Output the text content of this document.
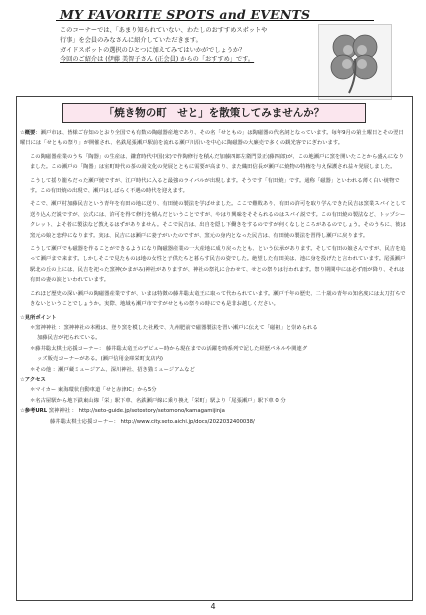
MY FAVORITE SPOTS and EVENTS
このコーナーでは、「あまり知られていない、わたしのおすすめスポットや
行事」を会員のみなさんに紹介していただきます。
ガイドスポットの選択のひとつに加えてみてはいかがでしょうか？
今回のご紹介は (伊藤 美智子さん (正会員) からの「おすすめ」です。
「焼き物の町　せと」を散策してみませんか？

☆概要：瀬戸市は、皆様ご存知のとおり全国でも有数の陶磁器産地であり、その名「せともの」は陶磁器の代名詞となっています。毎年9月の第土曜日とその翌日曜日には「せともの祭り」が開催され、名鉄尾張瀬戸駅前を流れる瀬戸川沿いを中心に陶磁器の大廉売で多くの観光客でにぎわいます。

この陶磁器産業のうち「陶器」の生産は、鎌倉時代中国(宋)で作陶修行を積んだ加藤四郎左衛門景正(藤四郎)が、この地瀬戸に窯を開いたことから盛んになりました。この瀬戸の「陶器」は室町時代の茶の湯文化の発展とともに需要が高まり、また織田信長が瀬戸に焼物の特権を与え保護され益々発展しました。

こうして揺り籠ちだった瀬戸焼ですが、江戸時代に入ると最強のライバルが出現します。そうです「有田焼」です。通称「磁器」といわれる薄く白い焼物です。この有田焼の出現で、瀬戸はしばらく不遇の時代を迎えます。

そこで、瀬戸村加藤民吉という青年を有田の地に送り、有田焼の製法を学ばせました。ここで難敗あり、有田の許可を取り学んできた民吉は窯業スパイとして送り込んだ説ですが、公式には、許可を得て修行を積んだということですが、やはり興味をそそられるのはスパイ説です。この有田焼の製法など、トップシークレット、よそ者に製法など教えるはずがありません。そこで民吉は、出自を隠し下働きをするのですが何くなしところがあるのでしょう。そのうちに、彼は窯元の娘と恋仲になります。実は、民吉には瀬戸に妻子がいたのですが、窯元の身内となった民吉は、有田焼の製法を習得し瀬戸に戻ります。

こうして瀬戸でも磁器を作ることができるようになり陶磁器産業の一大産地に成り戻ったとも、という伝承があります。そして有田の娘さんですが、民吉を追って瀬戸まで来ます。しかしそこで見たものは地の女性と子供たちと暮らす民吉の姿でした。絶望した有田美は、池に身を投げたと言われています。尾張瀬戸駅北の丘の上には、民吉を祀った窯神(かまがみ)神社がありますが、神社の祭礼に合わせて、せとの祭りは行われます。祭り期間中には必ず雨が降り、それは有田の妻の涙といわれています。

これほど歴史の深い瀬戸の陶磁器産業ですが、いまは特徴の藤井聡太竜王に取って代わられています。瀬戸千年の歴史、二十歳の青年の知名度には太刀打ちできないということでしょうか。実際、地域も瀬戸市ですがせともの祭りの時にでも是非お越しください。

☆見所ポイント
＊窯神神社 ：窯神神社の本殿は、登り窯を模した社殿で、九州肥前で磁器製法を習い瀬戸に伝えて「磁祖」と崇められる
加藤民吉が祀られている。
＊藤井聡太棋士応援コーナー： 藤井聡太竜王のデビュー時から現在までの活躍を時系列で記した経歴パネルや関連グ
ッズ販売コーナーがある。(瀬戸信用金庫栄町支店内)
＊その他 ：瀬戸蔵ミュージアム、深川神社、招き猫ミュージアムなど
☆アクセス
＊マイカー 東海環状自動車道「せと赤津IC」から5分
＊名古屋駅から地下鉄東山線「栄」駅下車、名鉄瀬戸線に乗り換え「栄町」駅より「尾張瀬戸」駅下車 0 分
☆参考URL 窯神神社 ： http://seto-guide.jp/setostory/setomono/kamagamijinja
藤井聡太棋士応援コーナー： http://www.city.seto.aichi.jp/docs/2022032400038/
4
